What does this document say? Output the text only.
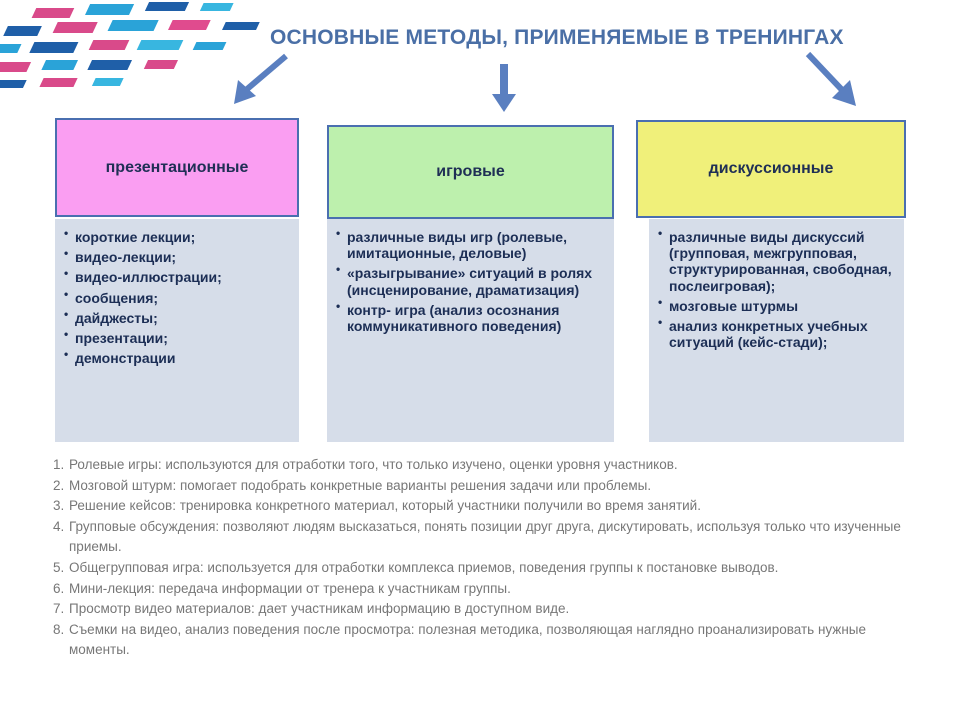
ОСНОВНЫЕ МЕТОДЫ, ПРИМЕНЯЕМЫЕ В ТРЕНИНГАХ
презентационные
• короткие лекции;
• видео-лекции;
• видео-иллюстрации;
• сообщения;
• дайджесты;
• презентации;
• демонстрации
игровые
• различные виды игр (ролевые, имитационные, деловые)
• «разыгрывание» ситуаций в ролях (инсценирование, драматизация)
• контр- игра (анализ осознания коммуникативного поведения)
дискуссионные
• различные виды дискуссий (групповая, межгрупповая, структурированная, свободная, послеигровая);
• мозговые штурмы
• анализ конкретных учебных ситуаций (кейс-стади);
1. Ролевые игры: используются для отработки того, что только изучено, оценки уровня участников.
2. Мозговой штурм: помогает подобрать конкретные варианты решения задачи или проблемы.
3. Решение кейсов: тренировка конкретного материал, который участники получили во время занятий.
4. Групповые обсуждения: позволяют людям высказаться, понять позиции друг друга, дискутировать, используя только что изученные приемы.
5. Общегрупповая игра: используется для отработки комплекса приемов, поведения группы к постановке выводов.
6. Мини-лекция: передача информации от тренера к участникам группы.
7. Просмотр видео материалов: дает участникам информацию в доступном виде.
8. Съемки на видео, анализ поведения после просмотра: полезная методика, позволяющая наглядно проанализировать нужные моменты.
